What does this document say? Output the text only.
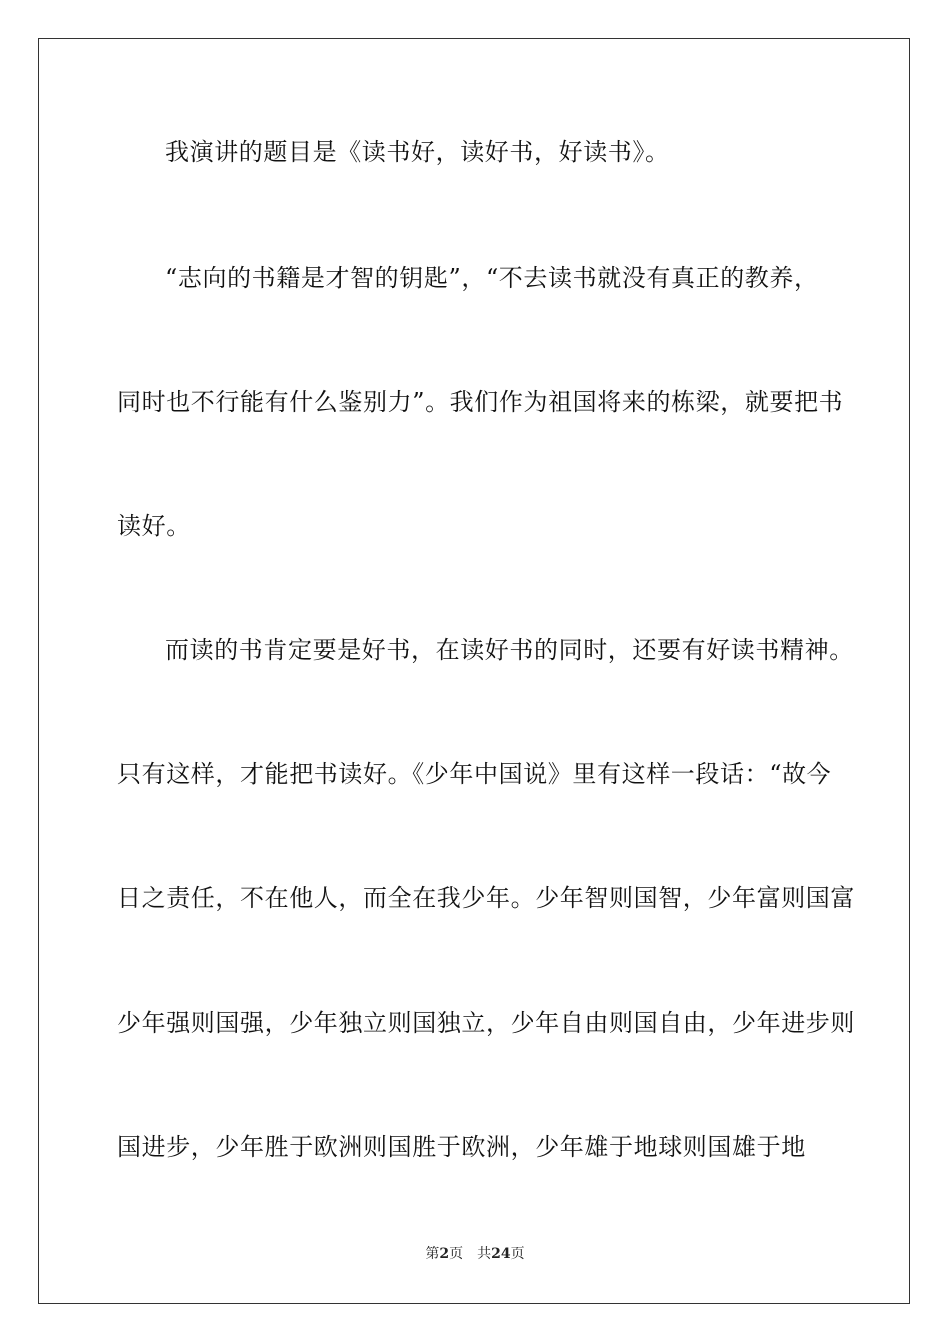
我演讲的题目是《读书好，读好书，好读书》。
“志向的书籍是才智的钥匙”，“不去读书就没有真正的教养，
同时也不行能有什么鉴别力”。我们作为祖国将来的栋梁，就要把书
读好。
而读的书肯定要是好书，在读好书的同时，还要有好读书精神。
只有这样，才能把书读好。《少年中国说》里有这样一段话：“故今
日之责任，不在他人，而全在我少年。少年智则国智，少年富则国富
少年强则国强，少年独立则国独立，少年自由则国自由，少年进步则
国进步，少年胜于欧洲则国胜于欧洲，少年雄于地球则国雄于地
第2页 共24页
